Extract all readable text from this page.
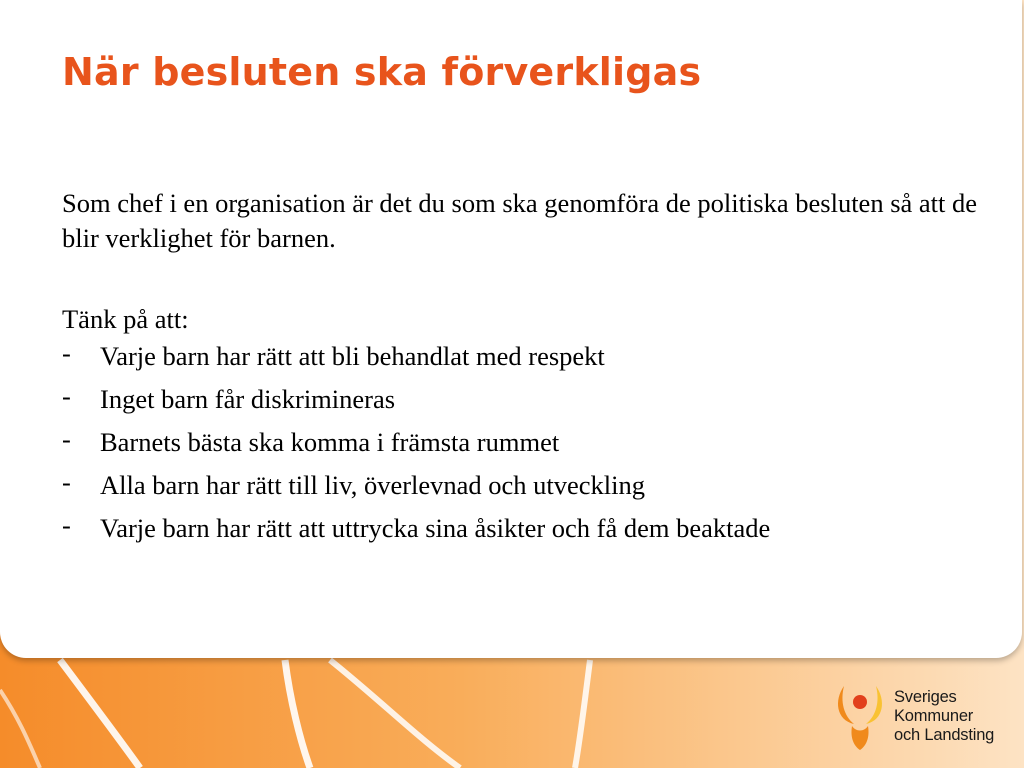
När besluten ska förverkligas

Som chef i en organisation är det du som ska genomföra de politiska besluten så att de blir verklighet för barnen.

Tänk på att:

- Varje barn har rätt att bli behandlat med respekt
- Inget barn får diskrimineras
- Barnets bästa ska komma i främsta rummet
- Alla barn har rätt till liv, överlevnad och utveckling
- Varje barn har rätt att uttrycka sina åsikter och få dem beaktade
Sveriges
Kommuner
och Landsting
